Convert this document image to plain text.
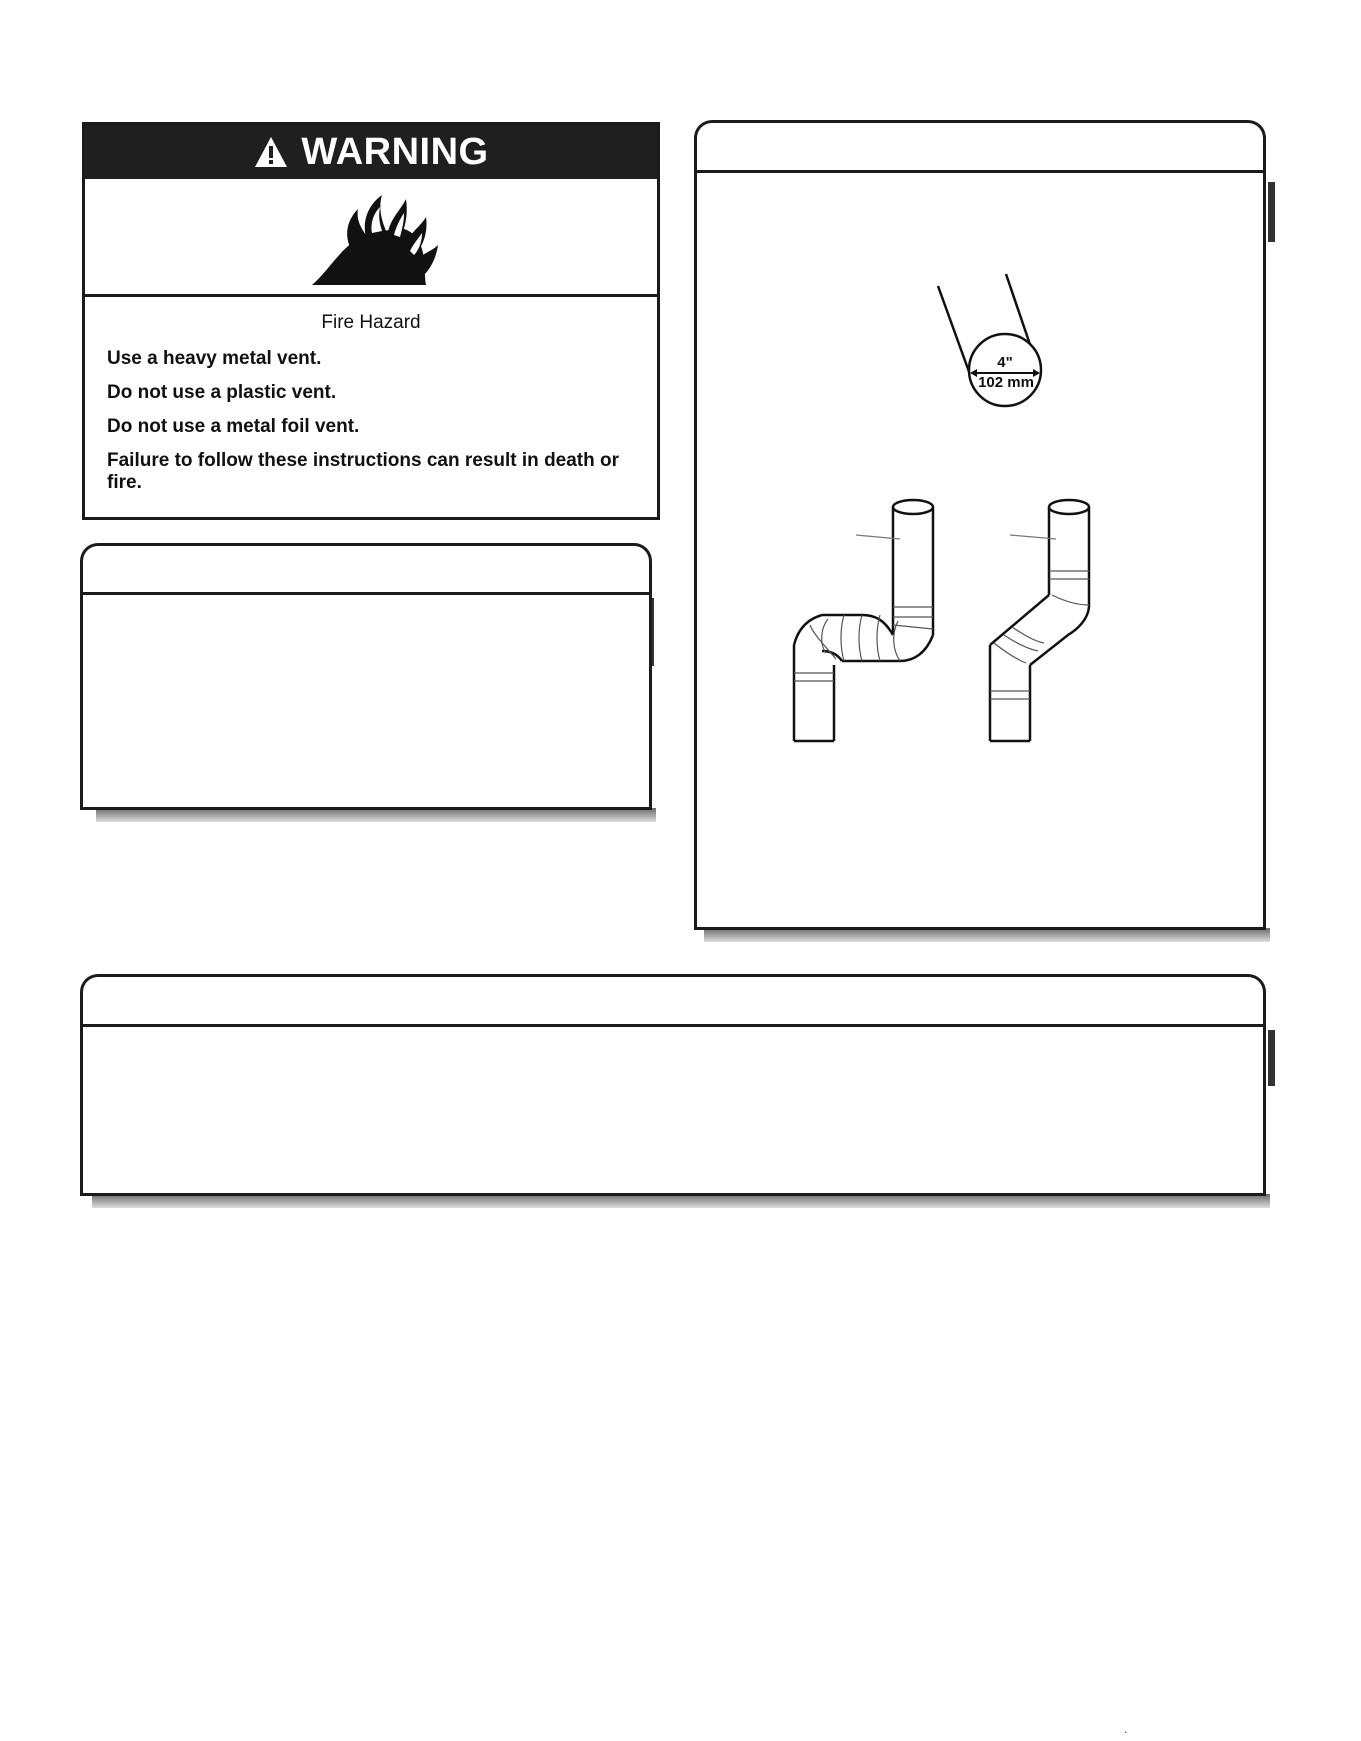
WARNING
Fire Hazard
Use a heavy metal vent.
Do not use a plastic vent.
Do not use a metal foil vent.
Failure to follow these instructions can result in death or fire.
4"
102 mm
.
